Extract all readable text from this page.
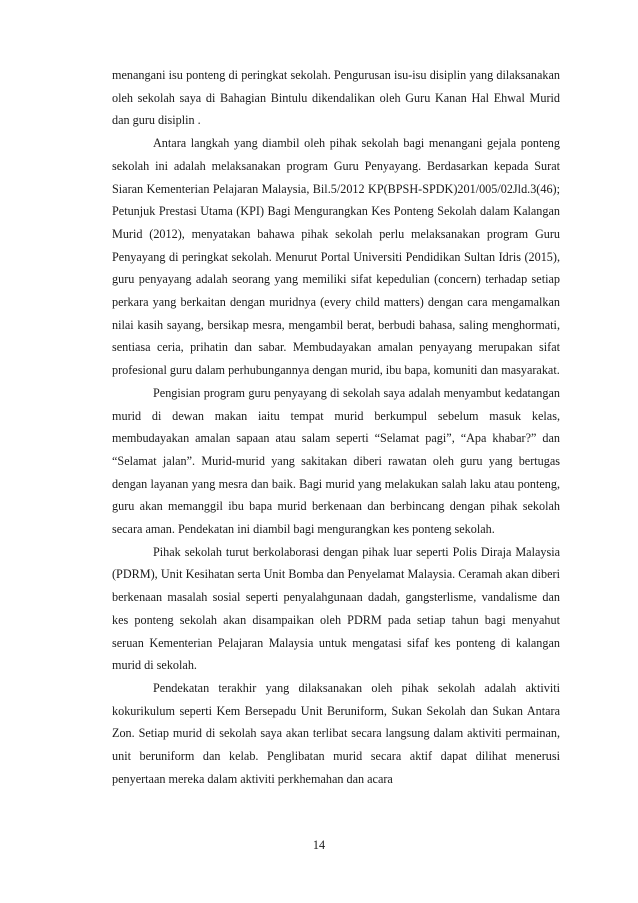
menangani isu ponteng di peringkat sekolah. Pengurusan isu-isu disiplin yang dilaksanakan oleh sekolah saya di Bahagian Bintulu dikendalikan oleh Guru Kanan Hal Ehwal Murid dan guru disiplin .

Antara langkah yang diambil oleh pihak sekolah bagi menangani gejala ponteng sekolah ini adalah melaksanakan program Guru Penyayang. Berdasarkan kepada Surat Siaran Kementerian Pelajaran Malaysia, Bil.5/2012 KP(BPSH-SPDK)201/005/02Jld.3(46); Petunjuk Prestasi Utama (KPI) Bagi Mengurangkan Kes Ponteng Sekolah dalam Kalangan Murid (2012), menyatakan bahawa pihak sekolah perlu melaksanakan program Guru Penyayang di peringkat sekolah. Menurut Portal Universiti Pendidikan Sultan Idris (2015), guru penyayang adalah seorang yang memiliki sifat kepedulian (concern) terhadap setiap perkara yang berkaitan dengan muridnya (every child matters) dengan cara mengamalkan nilai kasih sayang, bersikap mesra, mengambil berat, berbudi bahasa, saling menghormati, sentiasa ceria, prihatin dan sabar. Membudayakan amalan penyayang merupakan sifat profesional guru dalam perhubungannya dengan murid, ibu bapa, komuniti dan masyarakat.

Pengisian program guru penyayang di sekolah saya adalah menyambut kedatangan murid di dewan makan iaitu tempat murid berkumpul sebelum masuk kelas, membudayakan amalan sapaan atau salam seperti “Selamat pagi”, “Apa khabar?” dan “Selamat jalan”. Murid-murid yang sakitakan diberi rawatan oleh guru yang bertugas dengan layanan yang mesra dan baik. Bagi murid yang melakukan salah laku atau ponteng, guru akan memanggil ibu bapa murid berkenaan dan berbincang dengan pihak sekolah secara aman. Pendekatan ini diambil bagi mengurangkan kes ponteng sekolah.

Pihak sekolah turut berkolaborasi dengan pihak luar seperti Polis Diraja Malaysia (PDRM), Unit Kesihatan serta Unit Bomba dan Penyelamat Malaysia. Ceramah akan diberi berkenaan masalah sosial seperti penyalahgunaan dadah, gangsterlisme, vandalisme dan kes ponteng sekolah akan disampaikan oleh PDRM pada setiap tahun bagi menyahut seruan Kementerian Pelajaran Malaysia untuk mengatasi sifaf kes ponteng di kalangan murid di sekolah.

Pendekatan terakhir yang dilaksanakan oleh pihak sekolah adalah aktiviti kokurikulum seperti Kem Bersepadu Unit Beruniform, Sukan Sekolah dan Sukan Antara Zon. Setiap murid di sekolah saya akan terlibat secara langsung dalam aktiviti permainan, unit beruniform dan kelab. Penglibatan murid secara aktif dapat dilihat menerusi penyertaan mereka dalam aktiviti perkhemahan dan acara

14
